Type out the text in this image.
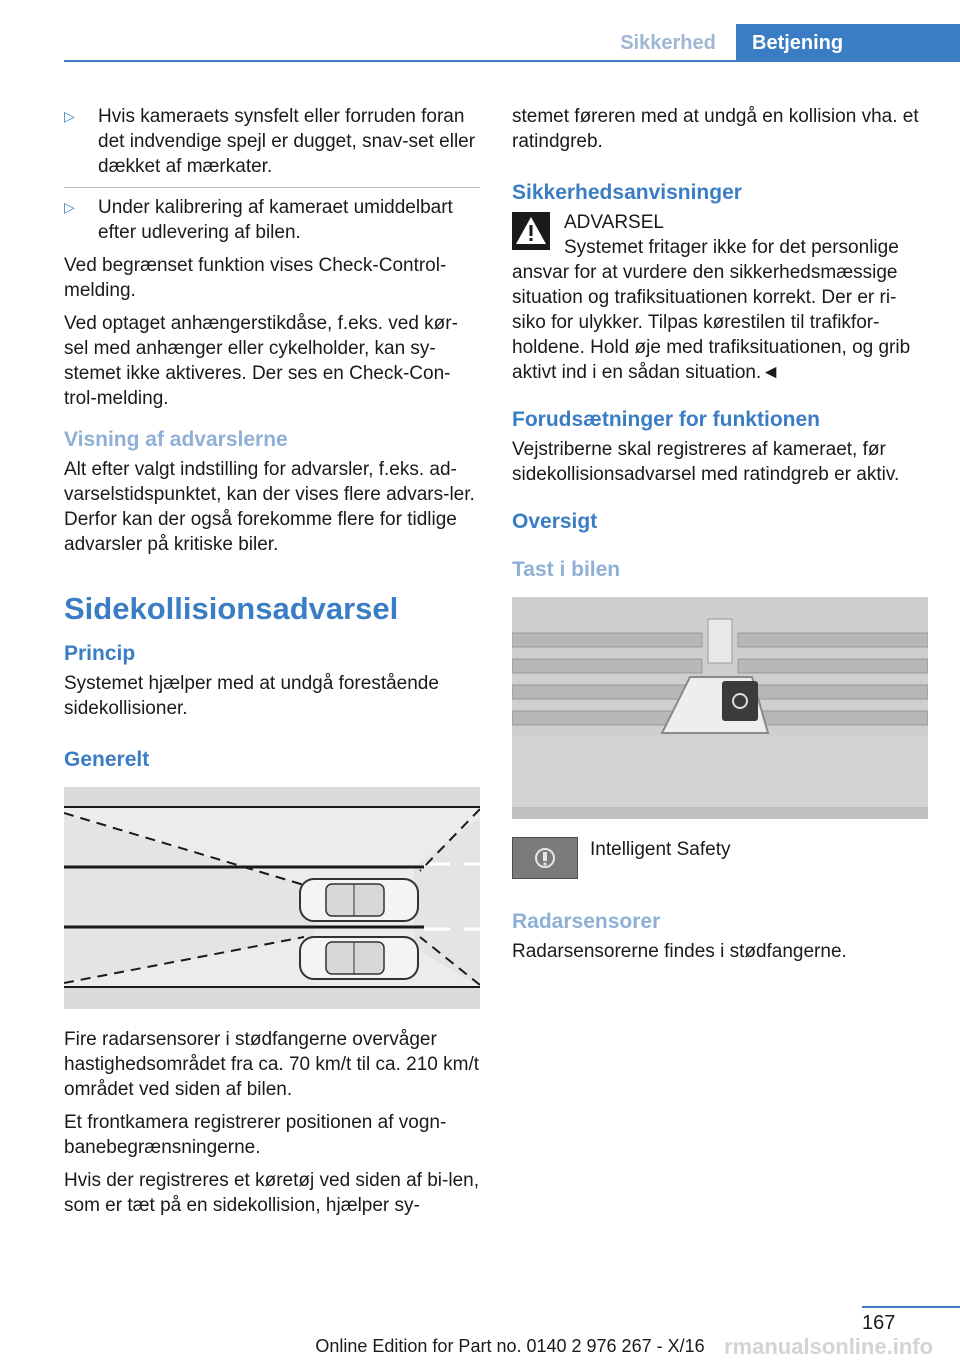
Sikkerhed	Betjening
▷	Hvis kameraets synsfelt eller forruden foran det indvendige spejl er dugget, snav-set eller dækket af mærkater.
▷	Under kalibrering af kameraet umiddelbart efter udlevering af bilen.

Ved begrænset funktion vises Check-Control-melding.

Ved optaget anhængerstikdåse, f.eks. ved kør-sel med anhænger eller cykelholder, kan sy-stemet ikke aktiveres. Der ses en Check-Con-trol-melding.

Visning af advarslerne

Alt efter valgt indstilling for advarsler, f.eks. ad-varselstidspunktet, kan der vises flere advars-ler. Derfor kan der også forekomme flere for tidlige advarsler på kritiske biler.

Sidekollisionsadvarsel
Princip

Systemet hjælper med at undgå forestående sidekollisioner.

Generelt

Fire radarsensorer i stødfangerne overvåger hastighedsområdet fra ca. 70 km/t til ca. 210 km/t området ved siden af bilen.

Et frontkamera registrerer positionen af vogn-banebegrænsningerne.

Hvis der registreres et køretøj ved siden af bi-len, som er tæt på en sidekollision, hjælper sy-

stemet føreren med at undgå en kollision vha. et ratindgreb.

Sikkerhedsanvisninger
ADVARSEL
Systemet fritager ikke for det personlige

ansvar for at vurdere den sikkerhedsmæssige situation og trafiksituationen korrekt. Der er ri-siko for ulykker. Tilpas kørestilen til trafikfor-holdene. Hold øje med trafiksituationen, og grib aktivt ind i en sådan situation.◄

Forudsætninger for funktionen

Vejstriberne skal registreres af kameraet, før sidekollisionsadvarsel med ratindgreb er aktiv.

Oversigt
Tast i bilen
Intelligent Safety
Radarsensorer

Radarsensorerne findes i stødfangerne.

167
rmanualsonline.info
Online Edition for Part no. 0140 2 976 267 - X/16
